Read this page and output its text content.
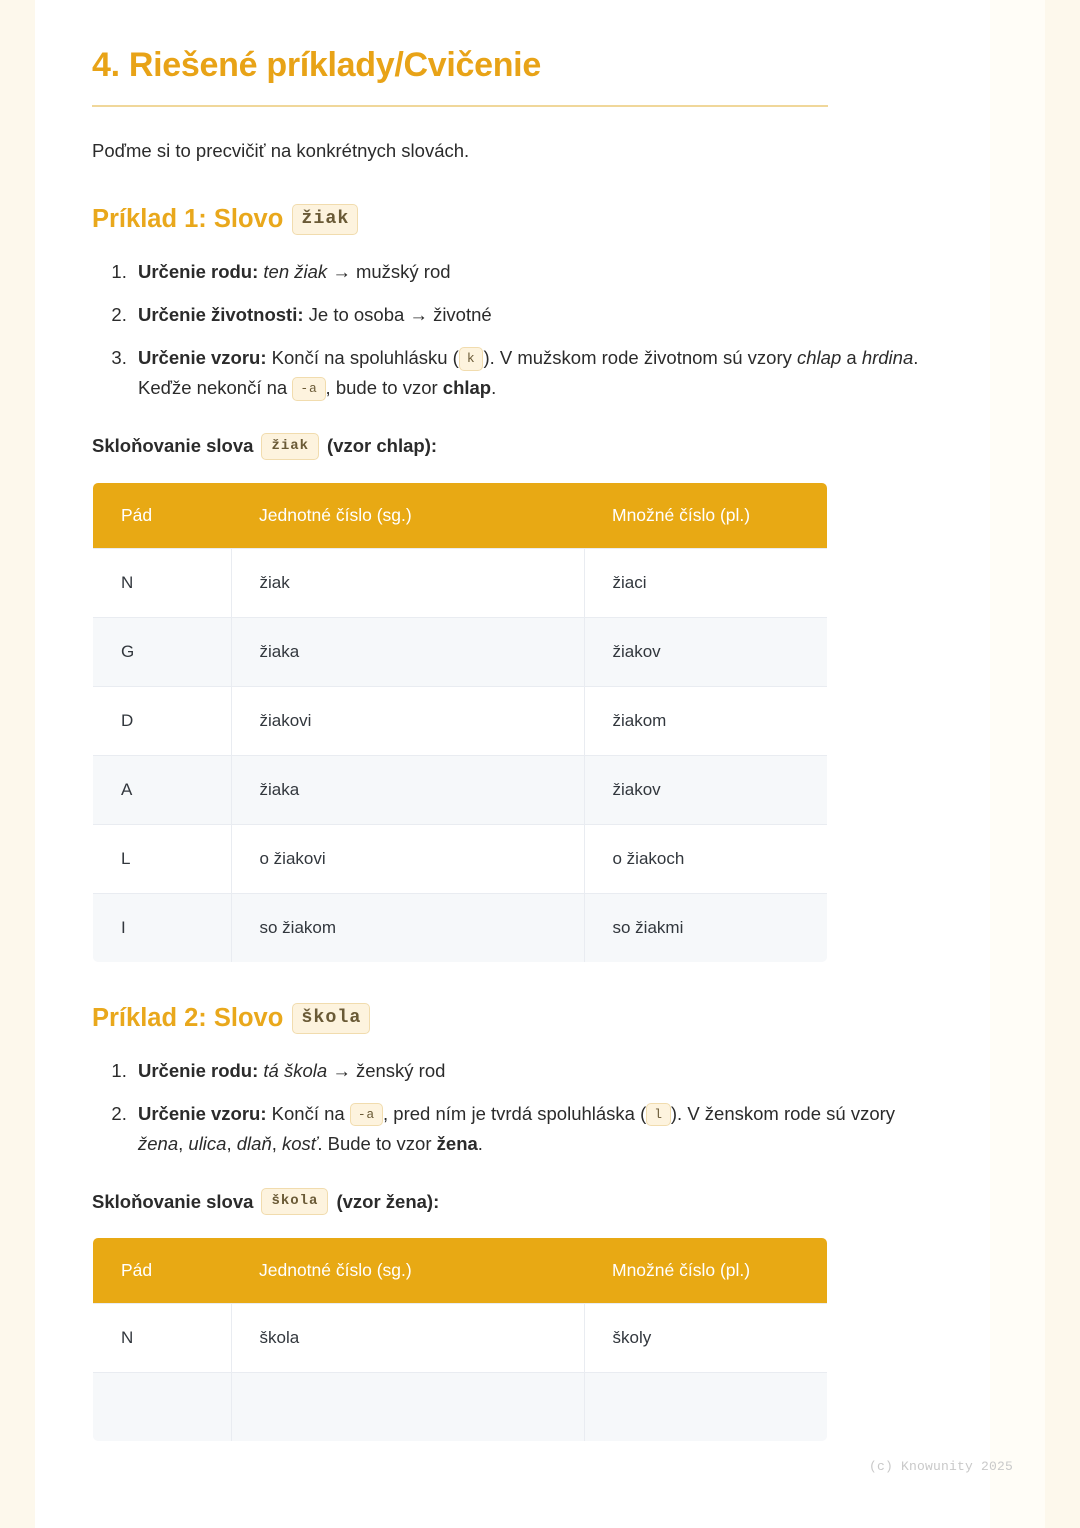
4. Riešené príklady/Cvičenie

Poďme si to precvičiť na konkrétnych slovách.

Príklad 1: Slovo žiak
1. Určenie rodu: ten žiak → mužský rod
2. Určenie životnosti: Je to osoba → životné
3. Určenie vzoru: Končí na spoluhlásku ( k ). V mužskom rode životnom sú vzory chlap a hrdina. Keďže nekončí na -a , bude to vzor chlap.
Skloňovanie slova	žiak (vzor chlap):
Pád	Jednotné číslo (sg.)	Množné číslo (pl.)
N	žiak	žiaci
G	žiaka	žiakov
D	žiakovi	žiakom
A	žiaka	žiakov
L	o žiakovi	o žiakoch
I	so žiakom	so žiakmi
Príklad 2: Slovo škola
1. Určenie rodu: tá škola → ženský rod
2. Určenie vzoru: Končí na -a , pred ním je tvrdá spoluhláska ( l ). V ženskom rode sú vzory žena, ulica, dlaň, kosť. Bude to vzor žena.
Skloňovanie slova	škola (vzor žena):
Pád	Jednotné číslo (sg.)	Množné číslo (pl.)
N	škola	školy

(c) Knowunity 2025
